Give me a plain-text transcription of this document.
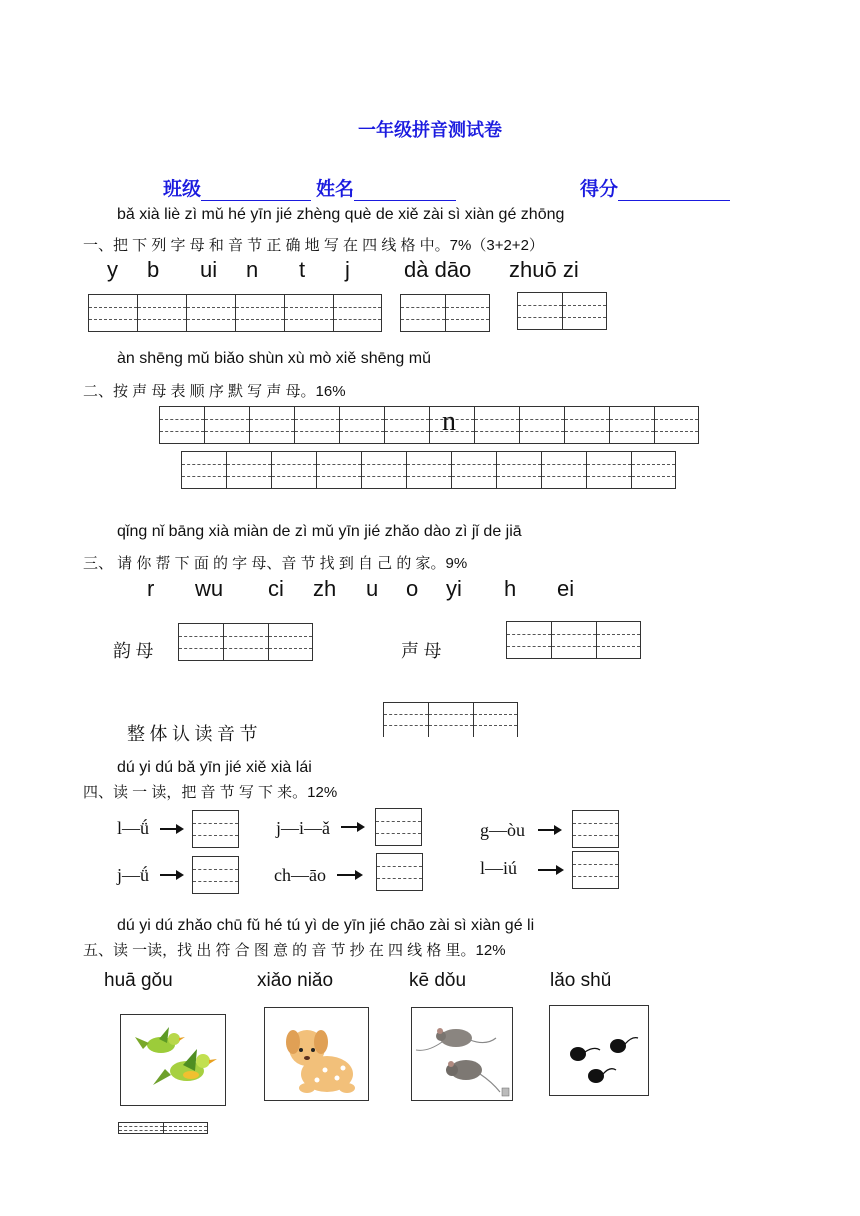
一年级拼音测试卷
班级	姓名	得分
bǎ xià liè zì mǔ hé yīn jié zhèng què de xiě zài sì xiàn gé zhōng
一、把 下 列 字 母 和 音 节 正 确 地 写 在 四 线 格 中。7%（3+2+2）
y b ui n t j dà dāo zhuō zi
àn shēng mǔ biǎo shùn xù mò xiě shēng mǔ
二、按 声 母 表 顺 序 默 写 声 母。16%
n
qǐng nǐ bāng xià miàn de zì mǔ yīn jié zhǎo dào zì jǐ de jiā
三、 请 你 帮 下 面 的 字 母、音 节 找 到 自 己 的 家。9%
r wu ci zh u o yi h ei
韵 母	声 母
整 体 认 读 音 节
dú yi dú bǎ yīn jié xiě xià lái
四、读 一 读，把 音 节 写 下 来。12%
l—ǘ	j—i—ǎ	g—òu
j—ǘ	ch—āo	l—iú
dú yi dú zhǎo chū fǔ hé tú yì de yīn jié chāo zài sì xiàn gé li
五、读 一读，找 出 符 合 图 意 的 音 节 抄 在 四 线 格 里。12%
huā gǒu	xiǎo niǎo	kē dǒu	lǎo shǔ
